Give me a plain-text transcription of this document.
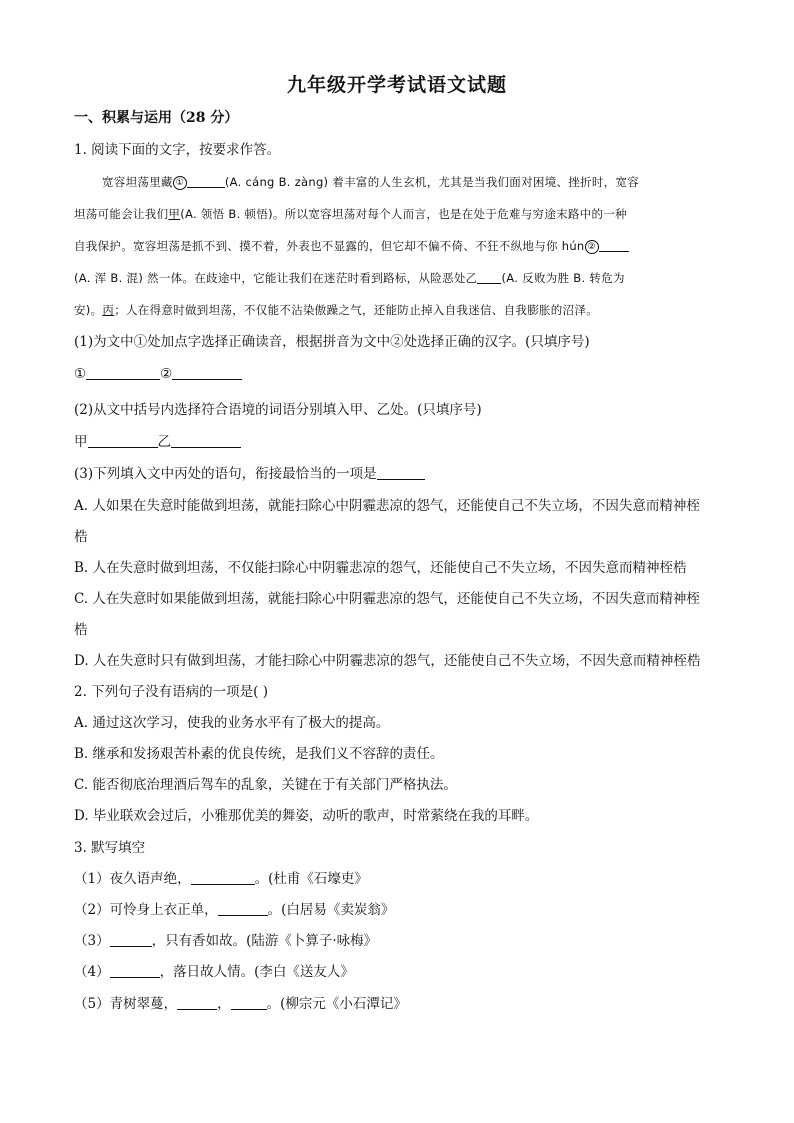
九年级开学考试语文试题
一、积累与运用（28 分）
1. 阅读下面的文字，按要求作答。
宽容坦荡里藏 ①	(A. cáng B. zàng) 着丰富的人生玄机，尤其是当我们面对困境、挫折时，宽容
坦荡可能会让我们甲(A. 领悟 B. 顿悟)。所以宽容坦荡对每个人而言，也是在处于危难与穷途末路中的一种
自我保护。宽容坦荡是抓不到、摸不着，外表也不显露的，但它却不偏不倚、不狂不纵地与你 hún ②
(A. 浑 B. 混) 然一体。在歧途中，它能让我们在迷茫时看到路标，从险恶处乙 (A. 反败为胜 B. 转危为
安)。丙；人在得意时做到坦荡，不仅能不沾染傲躁之气，还能防止掉入自我迷信、自我膨胀的沼泽。
(1)为文中①处加点字选择正确读音，根据拼音为文中②处选择正确的汉字。(只填序号)
①	②
(2)从文中括号内选择符合语境的词语分别填入甲、乙处。(只填序号)
甲	乙
(3)下列填入文中丙处的语句，衔接最恰当的一项是
A. 人如果在失意时能做到坦荡，就能扫除心中阴霾悲凉的怨气，还能使自己不失立场，不因失意而精神桎
梏
B. 人在失意时做到坦荡，不仅能扫除心中阴霾悲凉的怨气，还能使自己不失立场，不因失意而精神桎梏
C. 人在失意时如果能做到坦荡，就能扫除心中阴霾悲凉的怨气，还能使自己不失立场，不因失意而精神桎
梏
D. 人在失意时只有做到坦荡，才能扫除心中阴霾悲凉的怨气，还能使自己不失立场，不因失意而精神桎梏
2. 下列句子没有语病的一项是( )
A. 通过这次学习，使我的业务水平有了极大的提高。
B. 继承和发扬艰苦朴素的优良传统，是我们义不容辞的责任。
C. 能否彻底治理酒后驾车的乱象，关键在于有关部门严格执法。
D. 毕业联欢会过后，小雅那优美的舞姿，动听的歌声，时常萦绕在我的耳畔。
3. 默写填空
（1）夜久语声绝，	。(杜甫《石壕吏》
（2）可怜身上衣正单，	。(白居易《卖炭翁》
（3）	，只有香如故。(陆游《卜算子·咏梅》
（4）	，落日故人情。(李白《送友人》
（5）青树翠蔓，	，	。(柳宗元《小石潭记》
